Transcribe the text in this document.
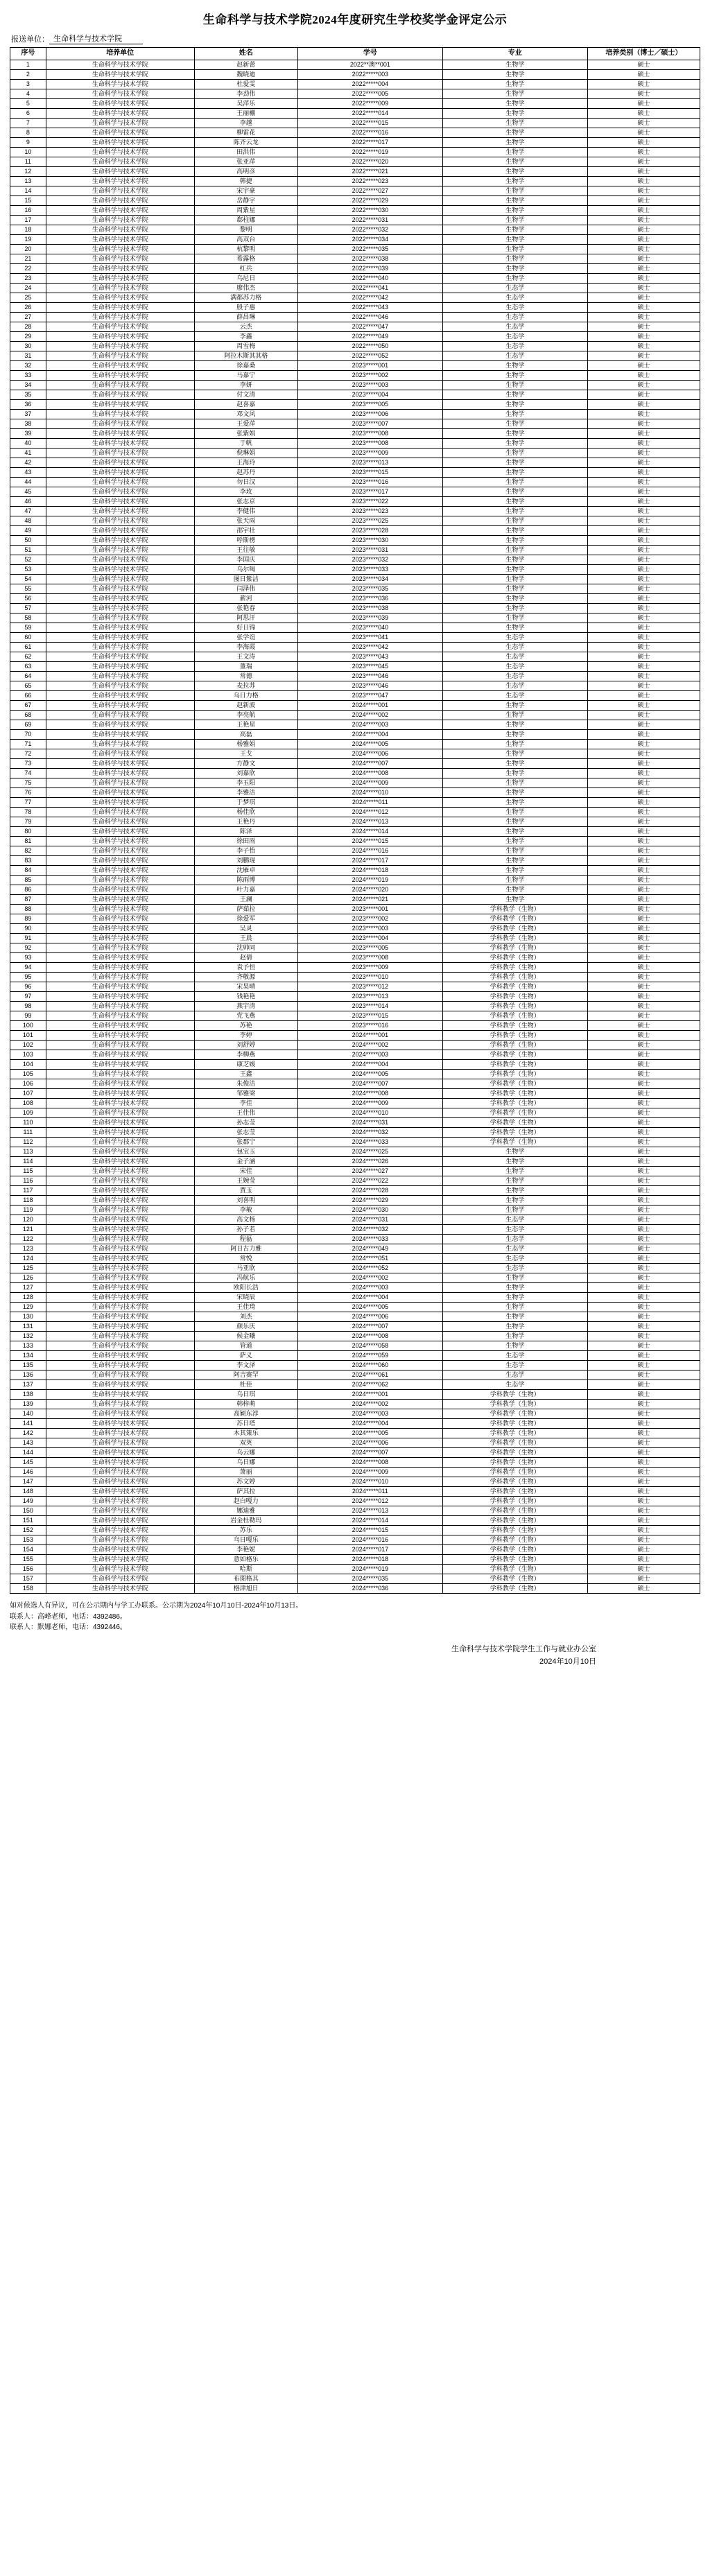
生命科学与技术学院2024年度研究生学校奖学金评定公示
报送单位： 生命科学与技术学院
序号	培养单位	姓名	学号	专业	培养类别（博士／硕士）
1	生命科学与技术学院	赵新蕾	2022**澳**001	生物学	硕士
2	生命科学与技术学院	魏晓迪	2022*****003	生物学	硕士
3	生命科学与技术学院	杜爱雯	2022*****004	生物学	硕士
4	生命科学与技术学院	李劲伟	2022*****005	生物学	硕士
5	生命科学与技术学院	吴萍乐	2022*****009	生物学	硕士
6	生命科学与技术学院	王丽棚	2022*****014	生物学	硕士
7	生命科学与技术学院	李越	2022*****015	生物学	硕士
8	生命科学与技术学院	柳雷花	2022*****016	生物学	硕士
9	生命科学与技术学院	陈齐云龙	2022*****017	生物学	硕士
10	生命科学与技术学院	田洪伟	2022*****019	生物学	硕士
11	生命科学与技术学院	张亚萍	2022*****020	生物学	硕士
12	生命科学与技术学院	高明彦	2022*****021	生物学	硕士
13	生命科学与技术学院	韩捷	2022*****023	生物学	硕士
14	生命科学与技术学院	宋宇豪	2022*****027	生物学	硕士
15	生命科学与技术学院	岳静宇	2022*****029	生物学	硕士
16	生命科学与技术学院	周紫星	2022*****030	生物学	硕士
17	生命科学与技术学院	郗柱娜	2022*****031	生物学	硕士
18	生命科学与技术学院	黎明	2022*****032	生物学	硕士
19	生命科学与技术学院	高双台	2022*****034	生物学	硕士
20	生命科学与技术学院	杭黎明	2022*****035	生物学	硕士
21	生命科学与技术学院	希露格	2022*****038	生物学	硕士
22	生命科学与技术学院	红兵	2022*****039	生物学	硕士
23	生命科学与技术学院	乌尼日	2022*****040	生物学	硕士
24	生命科学与技术学院	廖伟杰	2022*****041	生态学	硕士
25	生命科学与技术学院	满都苏力格	2022*****042	生态学	硕士
26	生命科学与技术学院	殷子惠	2022*****043	生态学	硕士
27	生命科学与技术学院	薛昌琳	2022*****046	生态学	硕士
28	生命科学与技术学院	云杰	2022*****047	生态学	硕士
29	生命科学与技术学院	李鑫	2022*****049	生态学	硕士
30	生命科学与技术学院	周雪梅	2022*****050	生态学	硕士
31	生命科学与技术学院	阿拉木斯其其格	2022*****052	生态学	硕士
32	生命科学与技术学院	徐嘉桑	2023*****001	生物学	硕士
33	生命科学与技术学院	马嘉宁	2023*****002	生物学	硕士
34	生命科学与技术学院	李妍	2023*****003	生物学	硕士
35	生命科学与技术学院	付文清	2023*****004	生物学	硕士
36	生命科学与技术学院	赵喜嘉	2023*****005	生物学	硕士
37	生命科学与技术学院	邓文风	2023*****006	生物学	硕士
38	生命科学与技术学院	王爱萍	2023*****007	生物学	硕士
39	生命科学与技术学院	张紫娟	2023*****008	生物学	硕士
40	生命科学与技术学院	于帆	2023*****008	生物学	硕士
41	生命科学与技术学院	倪琳娟	2023*****009	生物学	硕士
42	生命科学与技术学院	王海玲	2023*****013	生物学	硕士
43	生命科学与技术学院	赵苏丹	2023*****015	生物学	硕士
44	生命科学与技术学院	勿日汉	2023*****016	生物学	硕士
45	生命科学与技术学院	李玫	2023*****017	生物学	硕士
46	生命科学与技术学院	张志京	2023*****022	生物学	硕士
47	生命科学与技术学院	李健伟	2023*****023	生物学	硕士
48	生命科学与技术学院	张天雨	2023*****025	生物学	硕士
49	生命科学与技术学院	邵宇壮	2023*****028	生物学	硕士
50	生命科学与技术学院	呼斯楞	2023*****030	生物学	硕士
51	生命科学与技术学院	王往敏	2023*****031	生物学	硕士
52	生命科学与技术学院	李国庆	2023*****032	生物学	硕士
53	生命科学与技术学院	乌尔喝	2023*****033	生物学	硕士
54	生命科学与技术学院	图日紫洁	2023*****034	生物学	硕士
55	生命科学与技术学院	闫泽伟	2023*****035	生物学	硕士
56	生命科学与技术学院	薪河	2023*****036	生物学	硕士
57	生命科学与技术学院	张艳春	2023*****038	生物学	硕士
58	生命科学与技术学院	阿思汗	2023*****039	生物学	硕士
59	生命科学与技术学院	好日锦	2023*****040	生物学	硕士
60	生命科学与技术学院	张学谊	2023*****041	生态学	硕士
61	生命科学与技术学院	李海霞	2023*****042	生态学	硕士
62	生命科学与技术学院	王文涛	2023*****043	生态学	硕士
63	生命科学与技术学院	董瑞	2023*****045	生态学	硕士
64	生命科学与技术学院	常德	2023*****046	生态学	硕士
65	生命科学与技术学院	麦拉苏	2023*****046	生态学	硕士
66	生命科学与技术学院	乌日力格	2023*****047	生态学	硕士
67	生命科学与技术学院	赵新波	2024*****001	生物学	硕士
68	生命科学与技术学院	李亮航	2024*****002	生物学	硕士
69	生命科学与技术学院	王艳星	2024*****003	生物学	硕士
70	生命科学与技术学院	高磊	2024*****004	生物学	硕士
71	生命科学与技术学院	杨雅娟	2024*****005	生物学	硕士
72	生命科学与技术学院	王戈	2024*****006	生物学	硕士
73	生命科学与技术学院	方静文	2024*****007	生物学	硕士
74	生命科学与技术学院	刘嘉欣	2024*****008	生物学	硕士
75	生命科学与技术学院	李玉阳	2024*****009	生物学	硕士
76	生命科学与技术学院	李雅洁	2024*****010	生物学	硕士
77	生命科学与技术学院	于梦琪	2024*****011	生物学	硕士
78	生命科学与技术学院	杨佳欣	2024*****012	生物学	硕士
79	生命科学与技术学院	王艳丹	2024*****013	生物学	硕士
80	生命科学与技术学院	陈泽	2024*****014	生物学	硕士
81	生命科学与技术学院	徐田雨	2024*****015	生物学	硕士
82	生命科学与技术学院	李子怡	2024*****016	生物学	硕士
83	生命科学与技术学院	刘鹏琨	2024*****017	生物学	硕士
84	生命科学与技术学院	沈雁卓	2024*****018	生物学	硕士
85	生命科学与技术学院	陈雨博	2024*****019	生物学	硕士
86	生命科学与技术学院	叶力嘉	2024*****020	生物学	硕士
87	生命科学与技术学院	王澜	2024*****021	生物学	硕士
88	生命科学与技术学院	萨茹拉	2023*****001	学科教学（生物）	硕士
89	生命科学与技术学院	徐爱军	2023*****002	学科教学（生物）	硕士
90	生命科学与技术学院	吴灵	2023*****003	学科教学（生物）	硕士
91	生命科学与技术学院	王晨	2023*****004	学科教学（生物）	硕士
92	生命科学与技术学院	沈帅同	2023*****005	学科教学（生物）	硕士
93	生命科学与技术学院	赵倩	2023*****008	学科教学（生物）	硕士
94	生命科学与技术学院	袁予恒	2023*****009	学科教学（生物）	硕士
95	生命科学与技术学院	齐敬源	2023*****010	学科教学（生物）	硕士
96	生命科学与技术学院	宋昊晴	2023*****012	学科教学（生物）	硕士
97	生命科学与技术学院	钱艳艳	2023*****013	学科教学（生物）	硕士
98	生命科学与技术学院	燕宇清	2023*****014	学科教学（生物）	硕士
99	生命科学与技术学院	党飞燕	2023*****015	学科教学（生物）	硕士
100	生命科学与技术学院	苏艳	2023*****016	学科教学（生物）	硕士
101	生命科学与技术学院	李婷	2024*****001	学科教学（生物）	硕士
102	生命科学与技术学院	刘舒婷	2024*****002	学科教学（生物）	硕士
103	生命科学与技术学院	李柳燕	2024*****003	学科教学（生物）	硕士
104	生命科学与技术学院	康芝媛	2024*****004	学科教学（生物）	硕士
105	生命科学与技术学院	王鑫	2024*****005	学科教学（生物）	硕士
106	生命科学与技术学院	朱俊洁	2024*****007	学科教学（生物）	硕士
107	生命科学与技术学院	邹雅梁	2024*****008	学科教学（生物）	硕士
108	生命科学与技术学院	李佳	2024*****009	学科教学（生物）	硕士
109	生命科学与技术学院	王佳伟	2024*****010	学科教学（生物）	硕士
110	生命科学与技术学院	孙志莹	2024*****031	学科教学（生物）	硕士
111	生命科学与技术学院	张志莹	2024*****032	学科教学（生物）	硕士
112	生命科学与技术学院	张郡宁	2024*****033	学科教学（生物）	硕士
113	生命科学与技术学院	包宝玉	2024*****025	生物学	硕士
114	生命科学与技术学院	金子涵	2024*****026	生物学	硕士
115	生命科学与技术学院	宋佳	2024*****027	生物学	硕士
116	生命科学与技术学院	王婉莹	2024*****022	生物学	硕士
117	生命科学与技术学院	賈玉	2024*****028	生物学	硕士
118	生命科学与技术学院	刘喜明	2024*****029	生物学	硕士
119	生命科学与技术学院	李敏	2024*****030	生物学	硕士
120	生命科学与技术学院	高文杨	2024*****031	生态学	硕士
121	生命科学与技术学院	孙子若	2024*****032	生态学	硕士
122	生命科学与技术学院	程磊	2024*****033	生态学	硕士
123	生命科学与技术学院	阿日古力雅	2024*****049	生态学	硕士
124	生命科学与技术学院	常悦	2024*****051	生态学	硕士
125	生命科学与技术学院	马亚欣	2024*****052	生态学	硕士
126	生命科学与技术学院	冯航乐	2024*****002	生物学	硕士
127	生命科学与技术学院	欧阳长浩	2024*****003	生物学	硕士
128	生命科学与技术学院	宋晓辰	2024*****004	生物学	硕士
129	生命科学与技术学院	王佳琦	2024*****005	生物学	硕士
130	生命科学与技术学院	刘杰	2024*****006	生物学	硕士
131	生命科学与技术学院	颜乐庆	2024*****007	生物学	硕士
132	生命科学与技术学院	候金曦	2024*****008	生物学	硕士
133	生命科学与技术学院	管道	2024*****058	生物学	硕士
134	生命科学与技术学院	萨义	2024*****059	生态学	硕士
135	生命科学与技术学院	李文泽	2024*****060	生态学	硕士
136	生命科学与技术学院	阿吉赛罕	2024*****061	生态学	硕士
137	生命科学与技术学院	杜佳	2024*****062	生态学	硕士
138	生命科学与技术学院	乌日琪	2024*****001	学科教学（生物）	硕士
139	生命科学与技术学院	韩梓萌	2024*****002	学科教学（生物）	硕士
140	生命科学与技术学院	高颖东淳	2024*****003	学科教学（生物）	硕士
141	生命科学与技术学院	苏日塔	2024*****004	学科教学（生物）	硕士
142	生命科学与技术学院	木其策乐	2024*****005	学科教学（生物）	硕士
143	生命科学与技术学院	双英	2024*****006	学科教学（生物）	硕士
144	生命科学与技术学院	乌云娜	2024*****007	学科教学（生物）	硕士
145	生命科学与技术学院	乌日娜	2024*****008	学科教学（生物）	硕士
146	生命科学与技术学院	萧丽	2024*****009	学科教学（生物）	硕士
147	生命科学与技术学院	苏文婷	2024*****010	学科教学（生物）	硕士
148	生命科学与技术学院	萨其拉	2024*****011	学科教学（生物）	硕士
149	生命科学与技术学院	赵白嘎力	2024*****012	学科教学（生物）	硕士
150	生命科学与技术学院	娜迪雅	2024*****013	学科教学（生物）	硕士
151	生命科学与技术学院	岩金杜勒玛	2024*****014	学科教学（生物）	硕士
152	生命科学与技术学院	苏乐	2024*****015	学科教学（生物）	硕士
153	生命科学与技术学院	乌日嘎乐	2024*****016	学科教学（生物）	硕士
154	生命科学与技术学院	李艳妮	2024*****017	学科教学（生物）	硕士
155	生命科学与技术学院	意如格乐	2024*****018	学科教学（生物）	硕士
156	生命科学与技术学院	哈斯	2024*****019	学科教学（生物）	硕士
157	生命科学与技术学院	布图格其	2024*****035	学科教学（生物）	硕士
158	生命科学与技术学院	格津旭日	2024*****036	学科教学（生物）	硕士
如对候选人有异议，可在公示期内与学工办联系。公示期为2024年10月10日-2024年10月13日。
联系人：高峰老师，电话：4392486。
联系人：默娜老师，电话：4392446。
生命科学与技术学院学生工作与就业办公室
2024年10月10日
